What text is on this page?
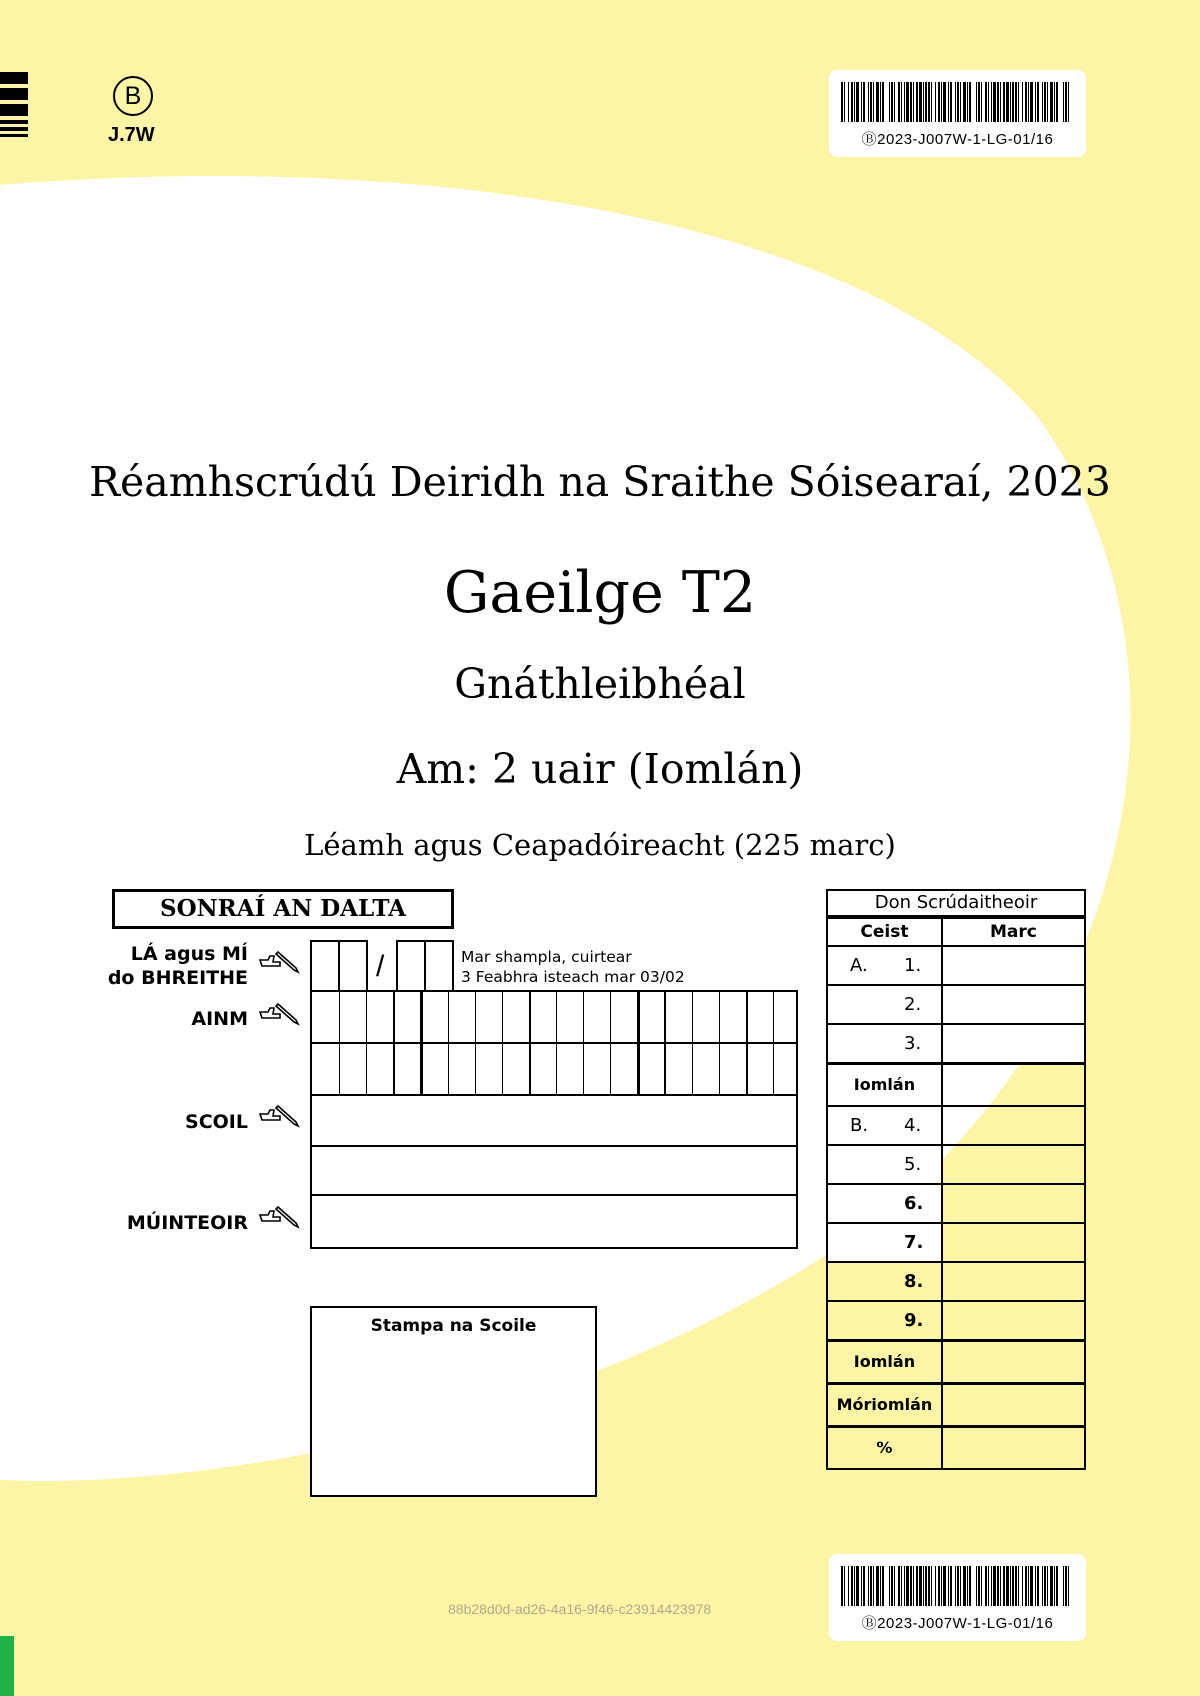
B
J.7W	Ⓑ2023-J007W-1-LG-01/16
Réamhscrúdú Deiridh na Sraithe Sóisearaí, 2023
Gaeilge T2
Gnáthleibhéal
Am: 2 uair (Iomlán)
Léamh agus Ceapadóireacht (225 marc)
SONRAÍ AN DALTA
LÁ agus MÍ
do BHREITHE	/	Mar shampla, cuirtear
3 Feabhra isteach mar 03/02
AINM
SCOIL
MÚINTEOIR
Stampa na Scoile
Don Scrúdaitheoir
Ceist	Marc

A. 1.	

2.	

3.	

Iomlán	

B. 4.	

5.	

6.	

7.	

8.	

9.	

Iomlán	
Móriomlán	
%	
Ⓑ2023-J007W-1-LG-01/16
88b28d0d-ad26-4a16-9f46-c23914423978
